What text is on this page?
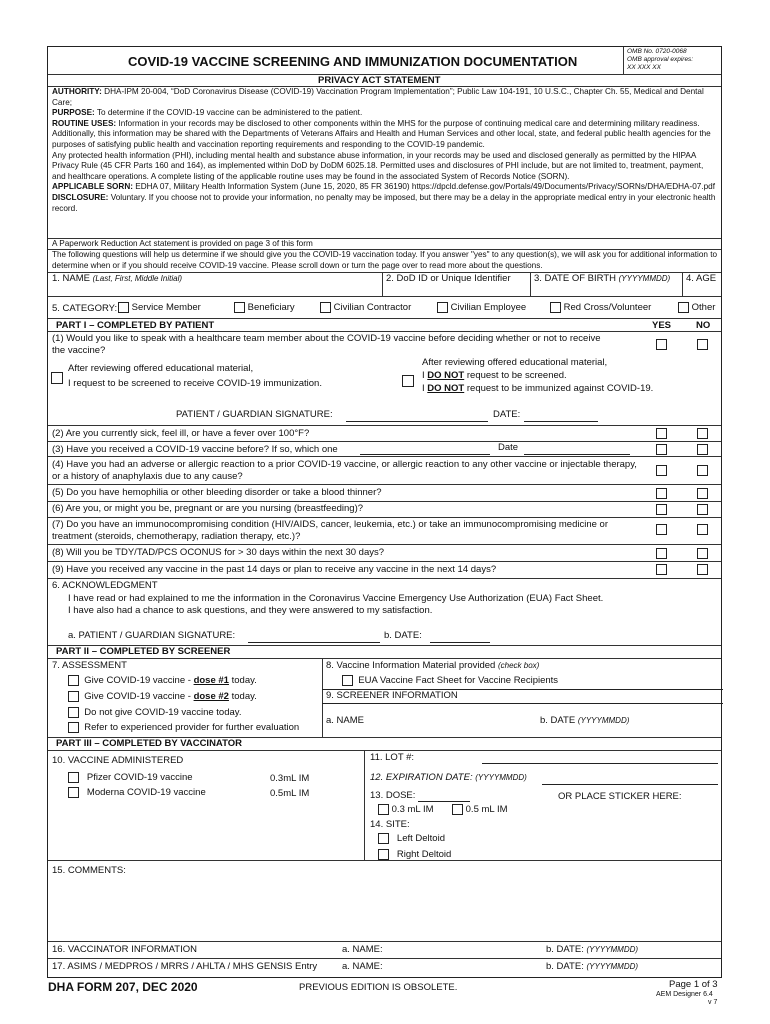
COVID-19 VACCINE SCREENING AND IMMUNIZATION DOCUMENTATION
OMB No. 0720-0068
OMB approval expires:
XX XXX XX
PRIVACY ACT STATEMENT
AUTHORITY: DHA-IPM 20-004, “DoD Coronavirus Disease (COVID-19) Vaccination Program Implementation”; Public Law 104-191, 10 U.S.C., Chapter Ch. 55, Medical and Dental Care;
PURPOSE: To determine if the COVID-19 vaccine can be administered to the patient.
ROUTINE USES: Information in your records may be disclosed to other components within the MHS for the purpose of continuing medical care and determining military readiness. Additionally, this information may be shared with the Departments of Veterans Affairs and Health and Human Services and other local, state, and federal public health agencies for the purposes of satisfying public health and vaccination reporting requirements and responding to the COVID-19 pandemic.
Any protected health information (PHI), including mental health and substance abuse information, in your records may be used and disclosed generally as permitted by the HIPAA Privacy Rule (45 CFR Parts 160 and 164), as implemented within DoD by DoDM 6025.18. Permitted uses and disclosures of PHI include, but are not limited to, treatment, payment, and healthcare operations. A complete listing of the applicable routine uses may be found in the associated System of Records Notice (SORN).
APPLICABLE SORN: EDHA 07, Military Health Information System (June 15, 2020, 85 FR 36190) https://dpcld.defense.gov/Portals/49/Documents/Privacy/SORNs/DHA/EDHA-07.pdf
DISCLOSURE: Voluntary. If you choose not to provide your information, no penalty may be imposed, but there may be a delay in the appropriate medical entry in your electronic health record.
A Paperwork Reduction Act statement is provided on page 3 of this form
The following questions will help us determine if we should give you the COVID-19 vaccination today. If you answer "yes" to any question(s), we will ask you for additional information to determine when or if you should receive COVID-19 vaccine. Please scroll down or turn the page over to read more about the questions.
1. NAME (Last, First, Middle Initial)	2. DoD ID or Unique Identifier 3. DATE OF BIRTH (YYYYMMDD) 4. AGE
5. CATEGORY:	Service Member	Beneficiary	Civilian Contractor	Civilian Employee	Red Cross/Volunteer	Other
PART I – COMPLETED BY PATIENT	YES	NO
(1) Would you like to speak with a healthcare team member about the COVID-19 vaccine before deciding whether or not to receive the vaccine?
After reviewing offered educational material,
I request to be screened to receive COVID-19 immunization.
After reviewing offered educational material,
I DO NOT request to be screened.
I DO NOT request to be immunized against COVID-19.
PATIENT / GUARDIAN SIGNATURE:	DATE:
(2) Are you currently sick, feel ill, or have a fever over 100°F?
(3) Have you received a COVID-19 vaccine before? If so, which one	Date
(4) Have you had an adverse or allergic reaction to a prior COVID-19 vaccine, or allergic reaction to any other vaccine or injectable therapy, or a history of anaphylaxis due to any cause?
(5) Do you have hemophilia or other bleeding disorder or take a blood thinner?
(6) Are you, or might you be, pregnant or are you nursing (breastfeeding)?
(7) Do you have an immunocompromising condition (HIV/AIDS, cancer, leukemia, etc.) or take an immunocompromising medicine or treatment (steroids, chemotherapy, radiation therapy, etc.)?
(8) Will you be TDY/TAD/PCS OCONUS for > 30 days within the next 30 days?
(9) Have you received any vaccine in the past 14 days or plan to receive any vaccine in the next 14 days?
6. ACKNOWLEDGMENT
I have read or had explained to me the information in the Coronavirus Vaccine Emergency Use Authorization (EUA) Fact Sheet.
I have also had a chance to ask questions, and they were answered to my satisfaction.
a. PATIENT / GUARDIAN SIGNATURE:	b. DATE:
PART II – COMPLETED BY SCREENER
7. ASSESSMENT
Give COVID-19 vaccine - dose #1 today.
Give COVID-19 vaccine - dose #2 today.
Do not give COVID-19 vaccine today.
Refer to experienced provider for further evaluation
8. Vaccine Information Material provided (check box)
EUA Vaccine Fact Sheet for Vaccine Recipients
9. SCREENER INFORMATION
a. NAME	b. DATE (YYYYMMDD)
PART III – COMPLETED BY VACCINATOR
10. VACCINE ADMINISTERED
Pfizer COVID-19 vaccine	0.3mL IM
Moderna COVID-19 vaccine	0.5mL IM
11. LOT #:
12. EXPIRATION DATE: (YYYYMMDD)
13. DOSE:	OR PLACE STICKER HERE:
0.3 mL IM	0.5 mL IM
14. SITE:
Left Deltoid
Right Deltoid
15. COMMENTS:
16. VACCINATOR INFORMATION	a. NAME:	b. DATE: (YYYYMMDD)
17. ASIMS / MEDPROS / MRRS / AHLTA / MHS GENSIS Entry	a. NAME:	b. DATE: (YYYYMMDD)
DHA FORM 207, DEC 2020	PREVIOUS EDITION IS OBSOLETE.	Page 1 of 3
AEM Designer 6.4
v 7
